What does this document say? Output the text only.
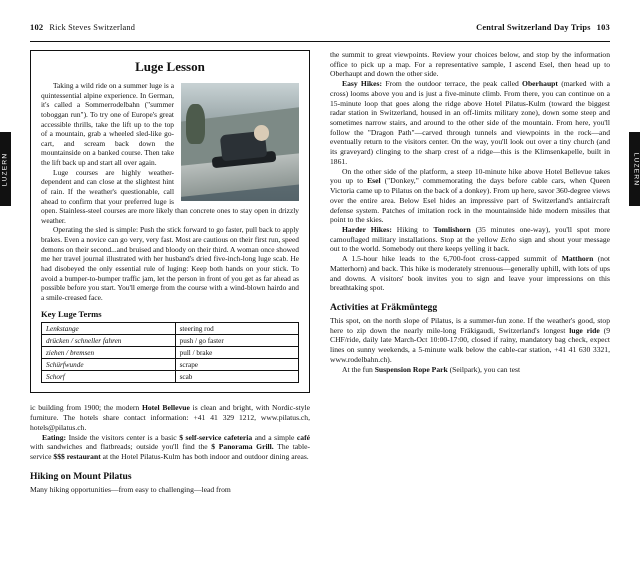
LUZERN	LUZERN
102 Rick Steves Switzerland	Central Switzerland Day Trips 103
Luge Lesson

Taking a wild ride on a summer luge is a quintessential alpine experience. In German, it's called a Sommerrodelbahn ("summer toboggan run"). To try one of Europe's great accessible thrills, take the lift up to the top of a mountain, grab a wheeled sled-like go-cart, and scream back down the mountainside on a banked course. Then take the lift back up and start all over again.

Luge courses are highly weather-dependent and can close at the slightest hint of rain. If the weather's questionable, call ahead to confirm that your preferred luge is open. Stainless-steel courses are more likely than concrete ones to stay open in drizzly weather.

Operating the sled is simple: Push the stick forward to go faster, pull back to apply brakes. Even a novice can go very, very fast. Most are cautious on their first run, speed demons on their second...and bruised and bloody on their third. A woman once showed me her travel journal illustrated with her husband's dried five-inch-long luge scab. He had disobeyed the only essential rule of luging: Keep both hands on your stick. To avoid a bumper-to-bumper traffic jam, let the person in front of you get as far ahead as possible before you start. You'll emerge from the course with a wind-blown hairdo and a smile-creased face.

Key Luge Terms
Lenkstange	steering rod
drücken / schneller fahren	push / go faster
ziehen / bremsen	pull / brake
Schürfwunde	scrape
Schorf	scab

ic building from 1900; the modern Hotel Bellevue is clean and bright, with Nordic-style furniture. The hotels share contact information: +41 41 329 1212, www.pilatus.ch, hotels@pilatus.ch.

Eating: Inside the visitors center is a basic $ self-service cafeteria and a simple café with sandwiches and flatbreads; outside you'll find the $ Panorama Grill. The table-service $$$ restaurant at the Hotel Pilatus-Kulm has both indoor and outdoor dining areas.

Hiking on Mount Pilatus

Many hiking opportunities—from easy to challenging—lead from

the summit to great viewpoints. Review your choices below, and stop by the information office to pick up a map. For a representative sample, I ascend Esel, then head up to Oberhaupt and down the other side.

Easy Hikes: From the outdoor terrace, the peak called Oberhaupt (marked with a cross) looms above you and is just a five-minute climb. From there, you can continue on a 15-minute loop that goes along the ridge above Hotel Pilatus-Kulm (toward the biggest radar station in Switzerland, housed in an off-limits military zone), down some steep and sometimes narrow stairs, and around to the other side of the mountain. From here, you'll follow the "Dragon Path"—carved through tunnels and viewpoints in the rock—and eventually return to the visitors center. On the way, you'll look out over a tiny church (and its graveyard) clinging to the sharp crest of a ridge—this is the Klimsenkapelle, built in 1861.

On the other side of the platform, a steep 10-minute hike above Hotel Bellevue takes you up to Esel ("Donkey," commemorating the days before cable cars, when Queen Victoria came up to Pilatus on the back of a donkey). From up here, savor 360-degree views over the entire area. Below Esel hides an impressive part of Switzerland's antiaircraft defense system. Patches of imitation rock in the mountainside hide modern missiles that point to the skies.

Harder Hikes: Hiking to Tomlishorn (35 minutes one-way), you'll spot more camouflaged military installations. Stop at the yellow Echo sign and shout your message out to the world. Somebody out there keeps yelling it back.

A 1.5-hour hike leads to the 6,700-foot cross-capped summit of Matthorn (not Matterhorn) and back. This hike is moderately strenuous—generally uphill, with lots of ups and downs. A visitors' book invites you to sign and leave your impressions on this breathtaking spot.

Activities at Fräkmüntegg

This spot, on the north slope of Pilatus, is a summer-fun zone. If the weather's good, stop here to zip down the nearly mile-long Fräkigaudi, Switzerland's longest luge ride (9 CHF/ride, daily late March-Oct 10:00-17:00, closed if rainy, mandatory bag check, expect lines on sunny weekends, a 5-minute walk below the cable-car station, +41 41 630 3321, www.rodelbahn.ch).

At the fun Suspension Rope Park (Seilpark), you can test
